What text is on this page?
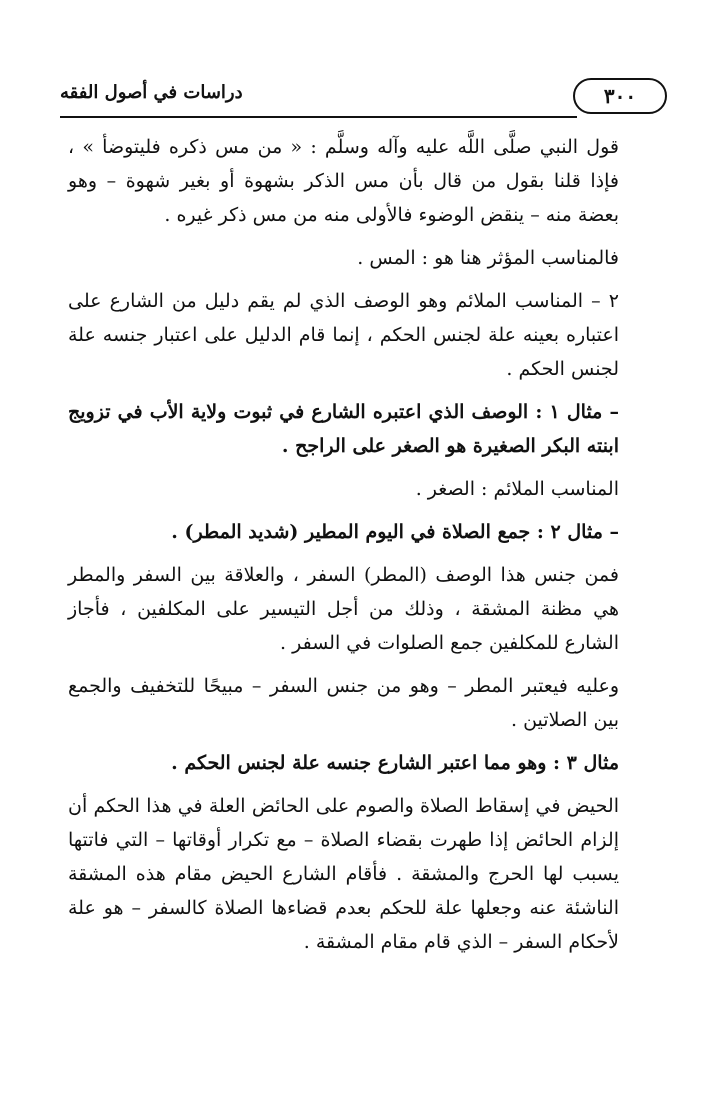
٣٠٠
دراسات في أصول الفقه

قول النبي صلَّى اللَّه عليه وآله وسلَّم : « من مس ذكره فليتوضأ » ، فإذا قلنا بقول من قال بأن مس الذكر بشهوة أو بغير شهوة – وهو بعضة منه – ينقض الوضوء فالأولى منه من مس ذكر غيره .

فالمناسب المؤثر هنا هو : المس .

٢ – المناسب الملائم وهو الوصف الذي لم يقم دليل من الشارع على اعتباره بعينه علة لجنس الحكم ، إنما قام الدليل على اعتبار جنسه علة لجنس الحكم .

– مثال ١ : الوصف الذي اعتبره الشارع في ثبوت ولاية الأب في تزويج ابنته البكر الصغيرة هو الصغر على الراجح .

المناسب الملائم : الصغر .

– مثال ٢ : جمع الصلاة في اليوم المطير (شديد المطر) .

فمن جنس هذا الوصف (المطر) السفر ، والعلاقة بين السفر والمطر هي مظنة المشقة ، وذلك من أجل التيسير على المكلفين ، فأجاز الشارع للمكلفين جمع الصلوات في السفر .

وعليه فيعتبر المطر – وهو من جنس السفر – مبيحًا للتخفيف والجمع بين الصلاتين .

مثال ٣ : وهو مما اعتبر الشارع جنسه علة لجنس الحكم .

الحيض في إسقاط الصلاة والصوم على الحائض العلة في هذا الحكم أن إلزام الحائض إذا طهرت بقضاء الصلاة – مع تكرار أوقاتها – التي فاتتها يسبب لها الحرج والمشقة . فأقام الشارع الحيض مقام هذه المشقة الناشئة عنه وجعلها علة للحكم بعدم قضاءها الصلاة كالسفر – هو علة لأحكام السفر – الذي قام مقام المشقة .
